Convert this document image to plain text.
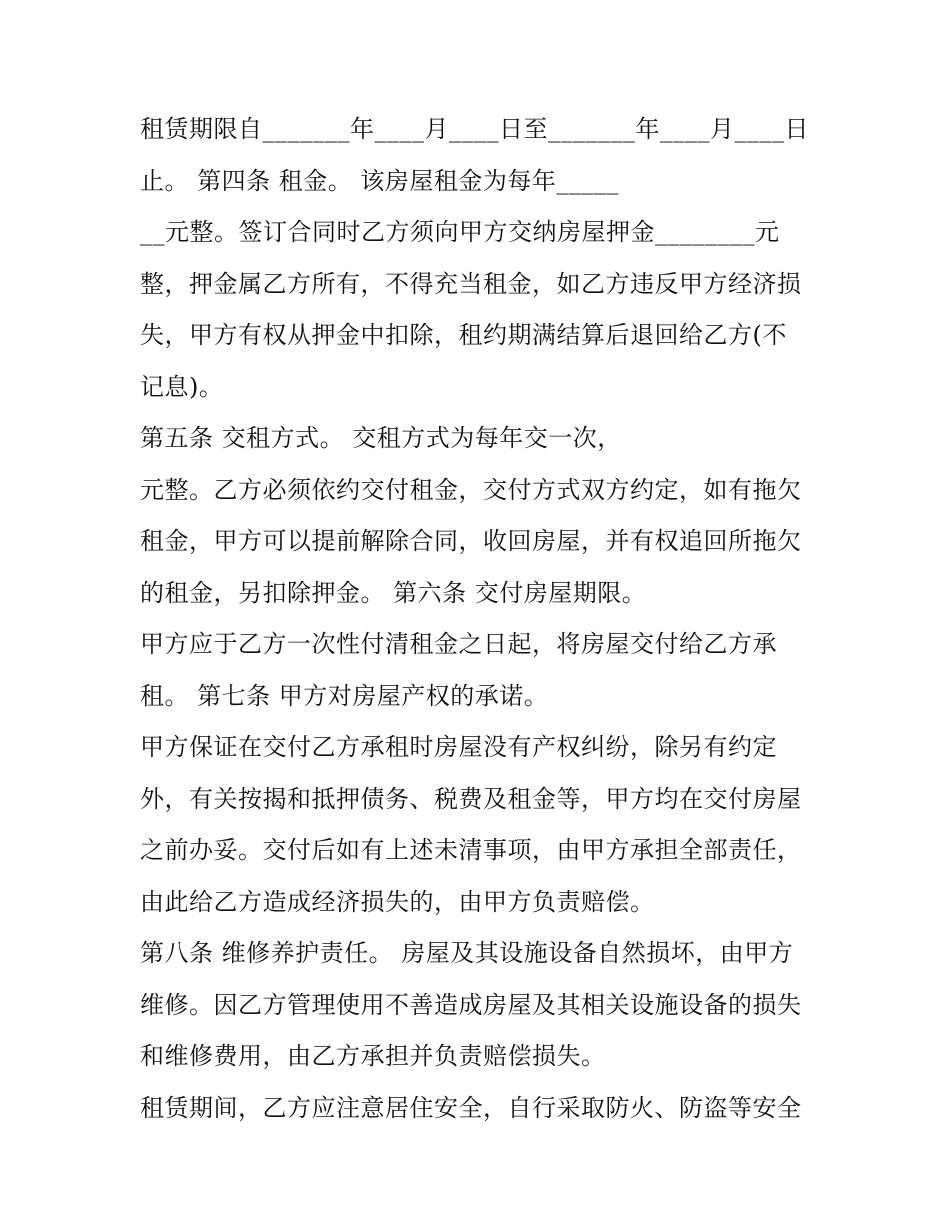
租赁期限自_______年____月____日至_______年____月____日
止。 第四条 租金。 该房屋租金为每年_____
__元整。签订合同时乙方须向甲方交纳房屋押金________元
整，押金属乙方所有，不得充当租金，如乙方违反甲方经济损
失，甲方有权从押金中扣除，租约期满结算后退回给乙方(不
记息)。
第五条 交租方式。 交租方式为每年交一次，
元整。乙方必须依约交付租金，交付方式双方约定，如有拖欠
租金，甲方可以提前解除合同，收回房屋，并有权追回所拖欠
的租金，另扣除押金。 第六条 交付房屋期限。
甲方应于乙方一次性付清租金之日起，将房屋交付给乙方承
租。 第七条 甲方对房屋产权的承诺。
甲方保证在交付乙方承租时房屋没有产权纠纷，除另有约定
外，有关按揭和抵押债务、税费及租金等，甲方均在交付房屋
之前办妥。交付后如有上述未清事项，由甲方承担全部责任，
由此给乙方造成经济损失的，由甲方负责赔偿。
第八条 维修养护责任。 房屋及其设施设备自然损坏，由甲方
维修。因乙方管理使用不善造成房屋及其相关设施设备的损失
和维修费用，由乙方承担并负责赔偿损失。
租赁期间，乙方应注意居住安全，自行采取防火、防盗等安全
